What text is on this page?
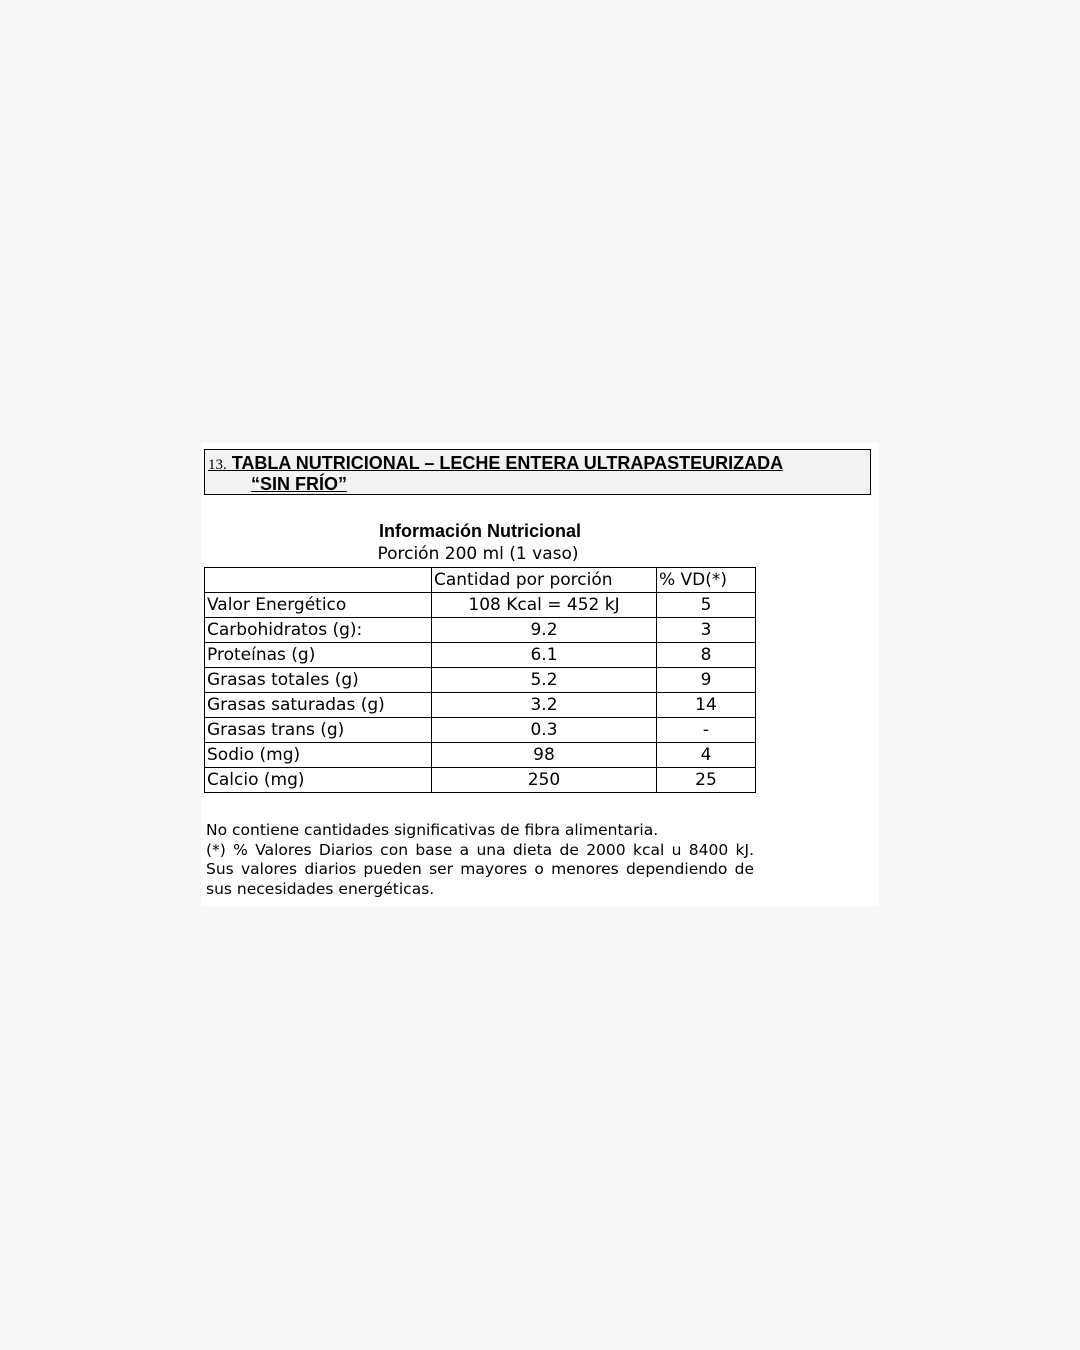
13. TABLA NUTRICIONAL – LECHE ENTERA ULTRAPASTEURIZADA
“SIN FRÍO”
Información Nutricional
Porción 200 ml (1 vaso)
	Cantidad por porción	% VD(*)
Valor Energético	108 Kcal = 452 kJ	5
Carbohidratos (g):	9.2	3
Proteínas (g)	6.1	8
Grasas totales (g)	5.2	9
Grasas saturadas (g)	3.2	14
Grasas trans (g)	0.3	-
Sodio (mg)	98	4
Calcio (mg)	250	25
No contiene cantidades significativas de fibra alimentaria.
(*) % Valores Diarios con base a una dieta de 2000 kcal u 8400 kJ.
Sus valores diarios pueden ser mayores o menores dependiendo de
sus necesidades energéticas.
